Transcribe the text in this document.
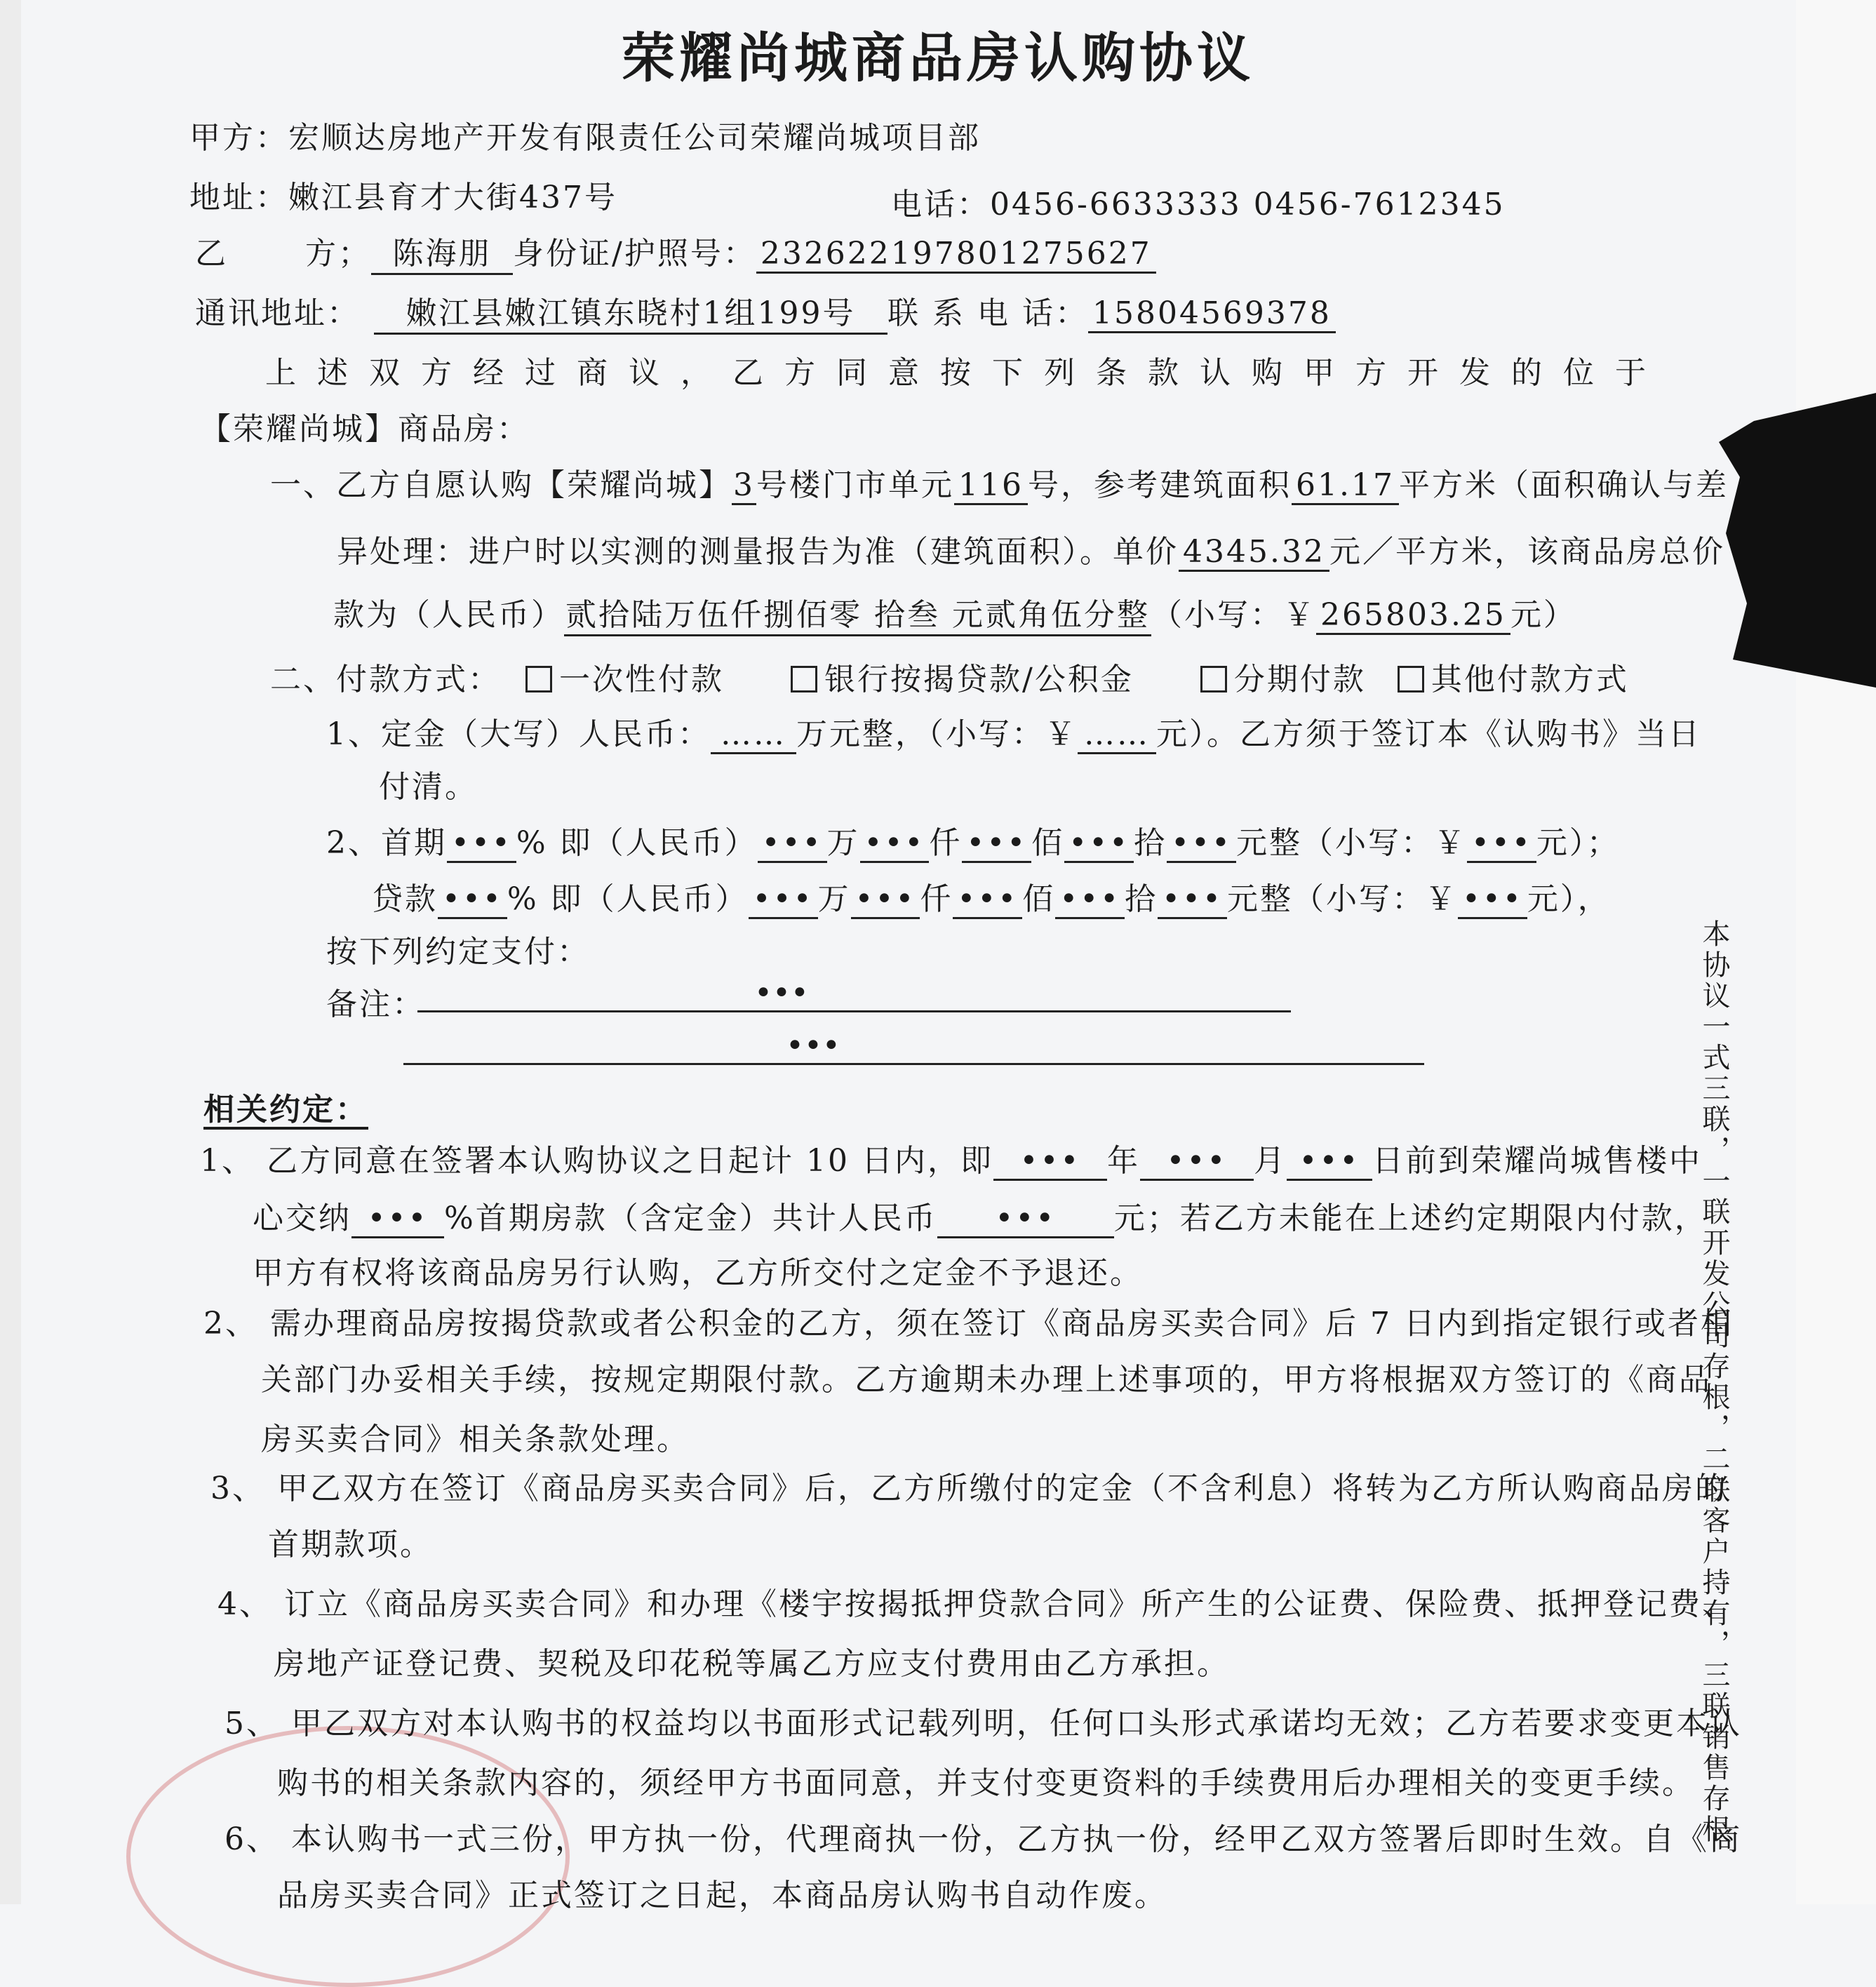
荣耀尚城商品房认购协议
甲方：宏顺达房地产开发有限责任公司荣耀尚城项目部
地址：嫩江县育才大街437号	电话：0456-6633333 0456-7612345
乙	方； 陈海朋 身份证/护照号： 232622197801275627
通讯地址： 嫩江县嫩江镇东晓村1组199号 联 系 电 话： 15804569378
上述双方经过商议，乙方同意按下列条款认购甲方开发的位于
【荣耀尚城】商品房：
一、乙方自愿认购【荣耀尚城】3号楼门市单元 116 号，参考建筑面积 61.17 平方米（面积确认与差
异处理：进户时以实测的测量报告为准（建筑面积）。单价 4345.32 元／平方米，该商品房总价
款为（人民币）贰拾陆万伍仟捌佰零 拾叁 元贰角伍分整（小写：￥ 265803.25 元）
二、付款方式： 一次性付款	银行按揭贷款/公积金	分期付款 其他付款方式
1、定金（大写）人民币： …… 万元整，（小写：￥ …… 元）。乙方须于签订本《认购书》当日
付清。
2、首期 ••• % 即（人民币） ••• 万 ••• 仟 ••• 佰 ••• 拾 ••• 元整（小写：￥ ••• 元）；
贷款 ••• % 即（人民币） ••• 万 ••• 仟 ••• 佰 ••• 拾 ••• 元整（小写：￥ ••• 元），
按下列约定支付：
备注：	•••
•••
相关约定：
1、 乙方同意在签署本认购协议之日起计 10 日内，即 ••• 年 ••• 月 ••• 日前到荣耀尚城售楼中
心交纳 ••• %首期房款（含定金）共计人民币 ••• 元；若乙方未能在上述约定期限内付款，
甲方有权将该商品房另行认购，乙方所交付之定金不予退还。
2、 需办理商品房按揭贷款或者公积金的乙方，须在签订《商品房买卖合同》后 7 日内到指定银行或者相
关部门办妥相关手续，按规定期限付款。乙方逾期未办理上述事项的，甲方将根据双方签订的《商品
房买卖合同》相关条款处理。
3、 甲乙双方在签订《商品房买卖合同》后，乙方所缴付的定金（不含利息）将转为乙方所认购商品房的
首期款项。
4、 订立《商品房买卖合同》和办理《楼宇按揭抵押贷款合同》所产生的公证费、保险费、抵押登记费、
房地产证登记费、契税及印花税等属乙方应支付费用由乙方承担。
5、 甲乙双方对本认购书的权益均以书面形式记载列明，任何口头形式承诺均无效；乙方若要求变更本认
购书的相关条款内容的，须经甲方书面同意，并支付变更资料的手续费用后办理相关的变更手续。
6、 本认购书一式三份，甲方执一份，代理商执一份，乙方执一份，经甲乙双方签署后即时生效。自《商
品房买卖合同》正式签订之日起，本商品房认购书自动作废。
本协议一式三联，一联开发公司存根，二联客户持有，三联销售存根
